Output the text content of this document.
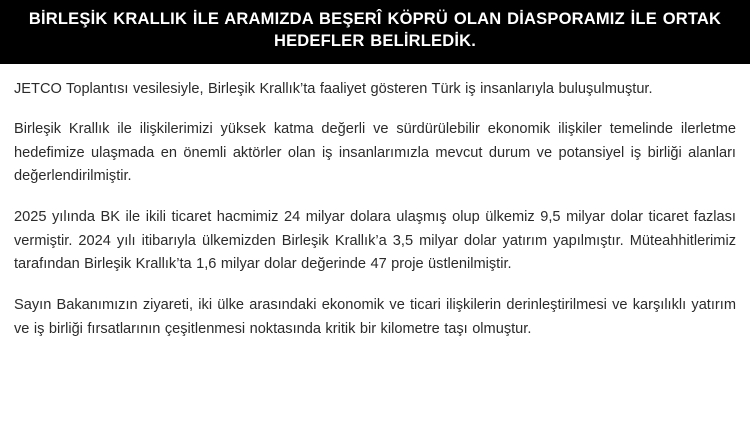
BİRLEŞİK KRALLIK İLE ARAMIZDA BEŞERÎ KÖPRÜ OLAN DİASPORAMIZ İLE ORTAK HEDEFLER BELİRLEDİK.

JETCO Toplantısı vesilesiyle, Birleşik Krallık’ta faaliyet gösteren Türk iş insanlarıyla buluşulmuştur.

Birleşik Krallık ile ilişkilerimizi yüksek katma değerli ve sürdürülebilir ekonomik ilişkiler temelinde ilerletme hedefimize ulaşmada en önemli aktörler olan iş insanlarımızla mevcut durum ve potansiyel iş birliği alanları değerlendirilmiştir.

2025 yılında BK ile ikili ticaret hacmimiz 24 milyar dolara ulaşmış olup ülkemiz 9,5 milyar dolar ticaret fazlası vermiştir. 2024 yılı itibarıyla ülkemizden Birleşik Krallık’a 3,5 milyar dolar yatırım yapılmıştır. Müteahhitlerimiz tarafından Birleşik Krallık’ta 1,6 milyar dolar değerinde 47 proje üstlenilmiştir.

Sayın Bakanımızın ziyareti, iki ülke arasındaki ekonomik ve ticari ilişkilerin derinleştirilmesi ve karşılıklı yatırım ve iş birliği fırsatlarının çeşitlenmesi noktasında kritik bir kilometre taşı olmuştur.
